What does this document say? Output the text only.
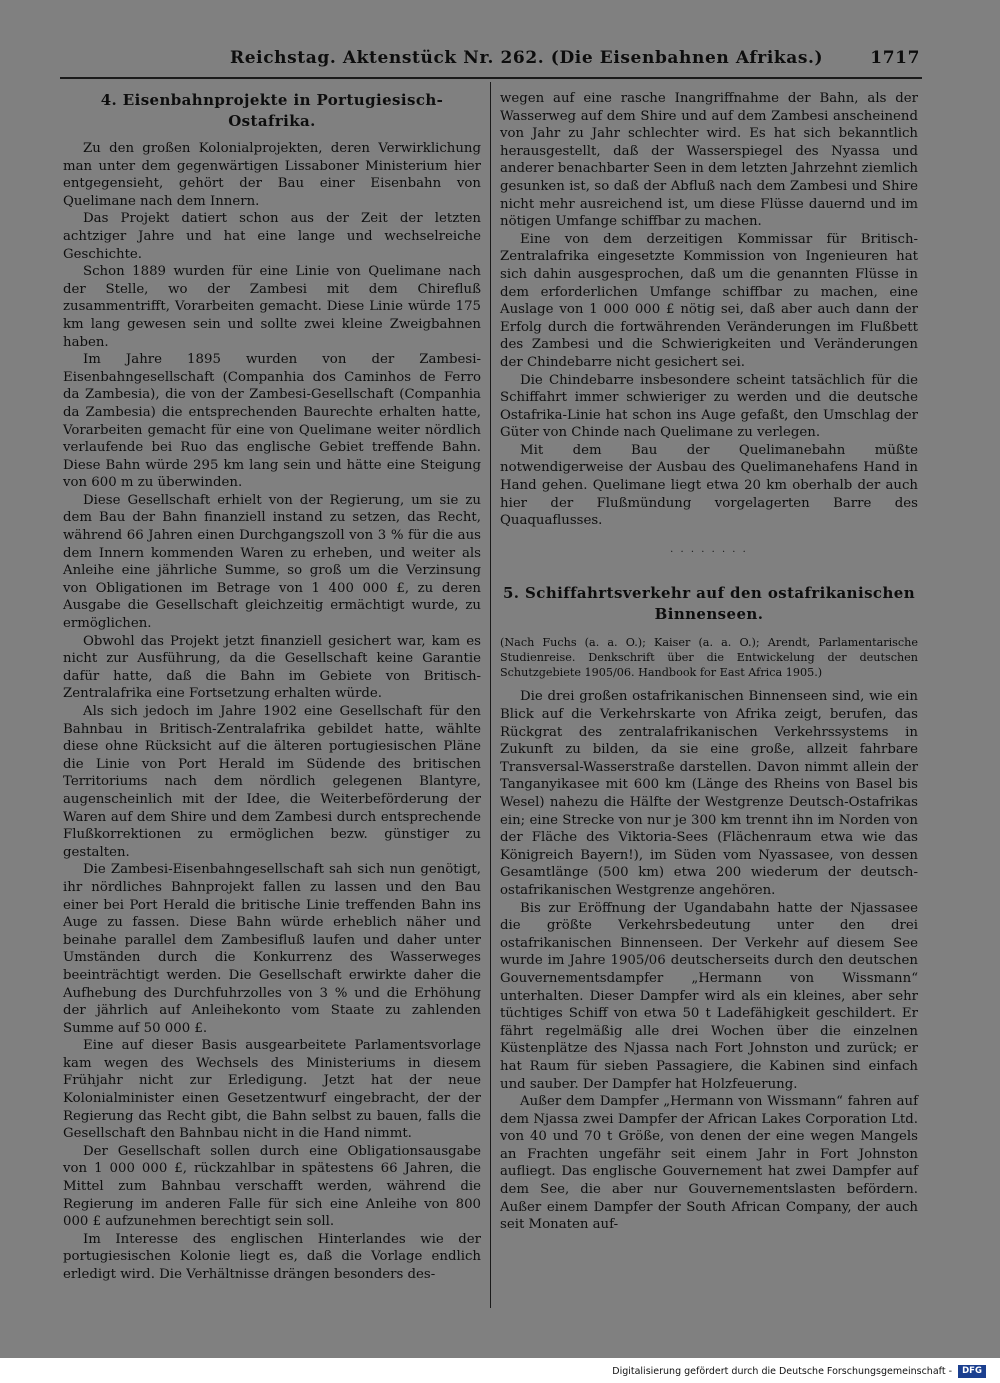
Reichstag. Aktenstück Nr. 262. (Die Eisenbahnen Afrikas.)	1717
4. Eisenbahnprojekte in Portugiesisch-Ostafrika.

Zu den großen Kolonialprojekten, deren Verwirklichung man unter dem gegenwärtigen Lissaboner Ministerium hier entgegensieht, gehört der Bau einer Eisenbahn von Quelimane nach dem Innern.

Das Projekt datiert schon aus der Zeit der letzten achtziger Jahre und hat eine lange und wechselreiche Geschichte.

Schon 1889 wurden für eine Linie von Quelimane nach der Stelle, wo der Zambesi mit dem Chirefluß zusammentrifft, Vorarbeiten gemacht. Diese Linie würde 175 km lang gewesen sein und sollte zwei kleine Zweigbahnen haben.

Im Jahre 1895 wurden von der Zambesi-Eisenbahngesellschaft (Companhia dos Caminhos de Ferro da Zambesia), die von der Zambesi-Gesellschaft (Companhia da Zambesia) die entsprechenden Baurechte erhalten hatte, Vorarbeiten gemacht für eine von Quelimane weiter nördlich verlaufende bei Ruo das englische Gebiet treffende Bahn. Diese Bahn würde 295 km lang sein und hätte eine Steigung von 600 m zu überwinden.

Diese Gesellschaft erhielt von der Regierung, um sie zu dem Bau der Bahn finanziell instand zu setzen, das Recht, während 66 Jahren einen Durchgangszoll von 3 % für die aus dem Innern kommenden Waren zu erheben, und weiter als Anleihe eine jährliche Summe, so groß um die Verzinsung von Obligationen im Betrage von 1 400 000 £, zu deren Ausgabe die Gesellschaft gleichzeitig ermächtigt wurde, zu ermöglichen.

Obwohl das Projekt jetzt finanziell gesichert war, kam es nicht zur Ausführung, da die Gesellschaft keine Garantie dafür hatte, daß die Bahn im Gebiete von Britisch-Zentralafrika eine Fortsetzung erhalten würde.

Als sich jedoch im Jahre 1902 eine Gesellschaft für den Bahnbau in Britisch-Zentralafrika gebildet hatte, wählte diese ohne Rücksicht auf die älteren portugiesischen Pläne die Linie von Port Herald im Südende des britischen Territoriums nach dem nördlich gelegenen Blantyre, augenscheinlich mit der Idee, die Weiterbeförderung der Waren auf dem Shire und dem Zambesi durch entsprechende Flußkorrektionen zu ermöglichen bezw. günstiger zu gestalten.

Die Zambesi-Eisenbahngesellschaft sah sich nun genötigt, ihr nördliches Bahnprojekt fallen zu lassen und den Bau einer bei Port Herald die britische Linie treffenden Bahn ins Auge zu fassen. Diese Bahn würde erheblich näher und beinahe parallel dem Zambesifluß laufen und daher unter Umständen durch die Konkurrenz des Wasserweges beeinträchtigt werden. Die Gesellschaft erwirkte daher die Aufhebung des Durchfuhrzolles von 3 % und die Erhöhung der jährlich auf Anleihekonto vom Staate zu zahlenden Summe auf 50 000 £.

Eine auf dieser Basis ausgearbeitete Parlamentsvorlage kam wegen des Wechsels des Ministeriums in diesem Frühjahr nicht zur Erledigung. Jetzt hat der neue Kolonialminister einen Gesetzentwurf eingebracht, der der Regierung das Recht gibt, die Bahn selbst zu bauen, falls die Gesellschaft den Bahnbau nicht in die Hand nimmt.

Der Gesellschaft sollen durch eine Obligationsausgabe von 1 000 000 £, rückzahlbar in spätestens 66 Jahren, die Mittel zum Bahnbau verschafft werden, während die Regierung im anderen Falle für sich eine Anleihe von 800 000 £ aufzunehmen berechtigt sein soll.

Im Interesse des englischen Hinterlandes wie der portugiesischen Kolonie liegt es, daß die Vorlage endlich erledigt wird. Die Verhältnisse drängen besonders des-

wegen auf eine rasche Inangriffnahme der Bahn, als der Wasserweg auf dem Shire und auf dem Zambesi anscheinend von Jahr zu Jahr schlechter wird. Es hat sich bekanntlich herausgestellt, daß der Wasserspiegel des Nyassa und anderer benachbarter Seen in dem letzten Jahrzehnt ziemlich gesunken ist, so daß der Abfluß nach dem Zambesi und Shire nicht mehr ausreichend ist, um diese Flüsse dauernd und im nötigen Umfange schiffbar zu machen.

Eine von dem derzeitigen Kommissar für Britisch-Zentralafrika eingesetzte Kommission von Ingenieuren hat sich dahin ausgesprochen, daß um die genannten Flüsse in dem erforderlichen Umfange schiffbar zu machen, eine Auslage von 1 000 000 £ nötig sei, daß aber auch dann der Erfolg durch die fortwährenden Veränderungen im Flußbett des Zambesi und die Schwierigkeiten und Veränderungen der Chindebarre nicht gesichert sei.

Die Chindebarre insbesondere scheint tatsächlich für die Schiffahrt immer schwieriger zu werden und die deutsche Ostafrika-Linie hat schon ins Auge gefaßt, den Umschlag der Güter von Chinde nach Quelimane zu verlegen.

Mit dem Bau der Quelimanebahn müßte notwendigerweise der Ausbau des Quelimanehafens Hand in Hand gehen. Quelimane liegt etwa 20 km oberhalb der auch hier der Flußmündung vorgelagerten Barre des Quaquaflusses.

· · · · · · · ·
5. Schiffahrtsverkehr auf den ostafrikanischen Binnenseen.

(Nach Fuchs (a. a. O.); Kaiser (a. a. O.); Arendt, Parlamentarische Studienreise. Denkschrift über die Entwickelung der deutschen Schutzgebiete 1905/06. Handbook for East Africa 1905.)

Die drei großen ostafrikanischen Binnenseen sind, wie ein Blick auf die Verkehrskarte von Afrika zeigt, berufen, das Rückgrat des zentralafrikanischen Verkehrssystems in Zukunft zu bilden, da sie eine große, allzeit fahrbare Transversal-Wasserstraße darstellen. Davon nimmt allein der Tanganyikasee mit 600 km (Länge des Rheins von Basel bis Wesel) nahezu die Hälfte der Westgrenze Deutsch-Ostafrikas ein; eine Strecke von nur je 300 km trennt ihn im Norden von der Fläche des Viktoria-Sees (Flächenraum etwa wie das Königreich Bayern!), im Süden vom Nyassasee, von dessen Gesamtlänge (500 km) etwa 200 wiederum der deutsch-ostafrikanischen Westgrenze angehören.

Bis zur Eröffnung der Ugandabahn hatte der Njassasee die größte Verkehrsbedeutung unter den drei ostafrikanischen Binnenseen. Der Verkehr auf diesem See wurde im Jahre 1905/06 deutscherseits durch den deutschen Gouvernementsdampfer „Hermann von Wissmann“ unterhalten. Dieser Dampfer wird als ein kleines, aber sehr tüchtiges Schiff von etwa 50 t Ladefähigkeit geschildert. Er fährt regelmäßig alle drei Wochen über die einzelnen Küstenplätze des Njassa nach Fort Johnston und zurück; er hat Raum für sieben Passagiere, die Kabinen sind einfach und sauber. Der Dampfer hat Holzfeuerung.

Außer dem Dampfer „Hermann von Wissmann“ fahren auf dem Njassa zwei Dampfer der African Lakes Corporation Ltd. von 40 und 70 t Größe, von denen der eine wegen Mangels an Frachten ungefähr seit einem Jahr in Fort Johnston aufliegt. Das englische Gouvernement hat zwei Dampfer auf dem See, die aber nur Gouvernementslasten befördern. Außer einem Dampfer der South African Company, der auch seit Monaten auf-

Digitalisierung gefördert durch die Deutsche Forschungsgemeinschaft -	DFG
